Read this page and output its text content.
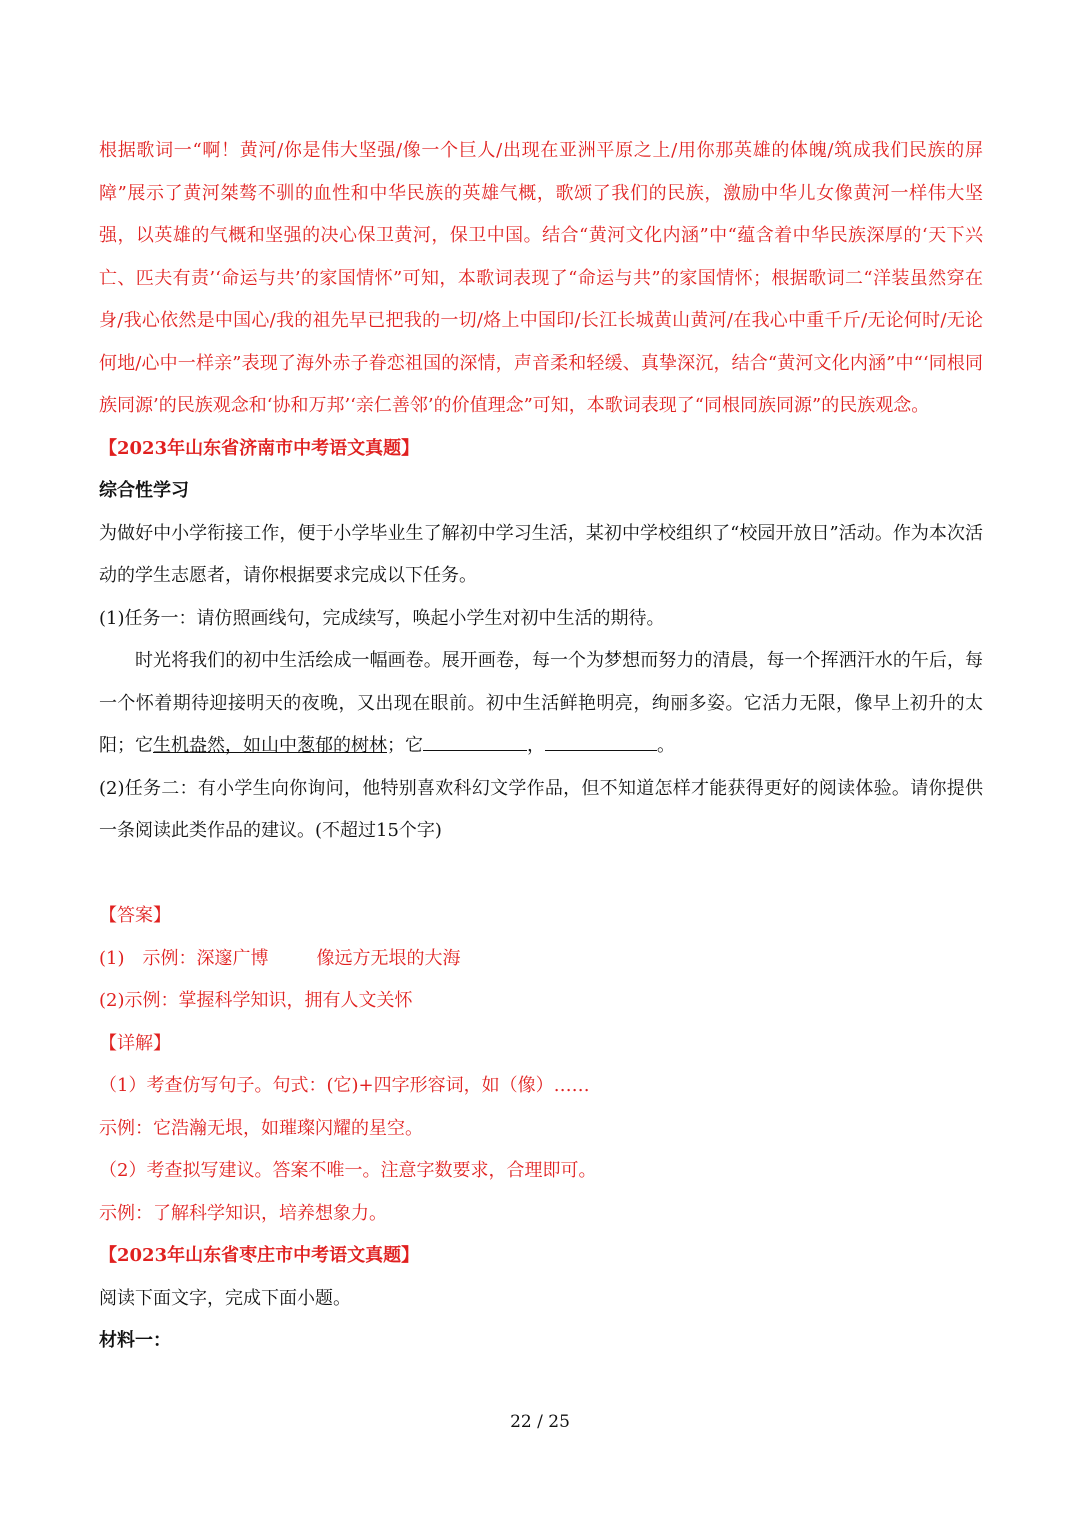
根据歌词一“啊！黄河/你是伟大坚强/像一个巨人/出现在亚洲平原之上/用你那英雄的体魄/筑成我们民族的屏障”展示了黄河桀骜不驯的血性和中华民族的英雄气概，歌颂了我们的民族，激励中华儿女像黄河一样伟大坚强，以英雄的气概和坚强的决心保卫黄河，保卫中国。结合“黄河文化内涵”中“蕴含着中华民族深厚的‘天下兴亡、匹夫有责’‘命运与共’的家国情怀”可知，本歌词表现了“命运与共”的家国情怀；根据歌词二“洋装虽然穿在身/我心依然是中国心/我的祖先早已把我的一切/烙上中国印/长江长城黄山黄河/在我心中重千斤/无论何时/无论何地/心中一样亲”表现了海外赤子眷恋祖国的深情，声音柔和轻缓、真挚深沉，结合“黄河文化内涵”中“‘同根同族同源’的民族观念和‘协和万邦’‘亲仁善邻’的价值理念”可知，本歌词表现了“同根同族同源”的民族观念。

【2023年山东省济南市中考语文真题】

综合性学习

为做好中小学衔接工作，便于小学毕业生了解初中学习生活，某初中学校组织了“校园开放日”活动。作为本次活动的学生志愿者，请你根据要求完成以下任务。

(1)任务一：请仿照画线句，完成续写，唤起小学生对初中生活的期待。

时光将我们的初中生活绘成一幅画卷。展开画卷，每一个为梦想而努力的清晨，每一个挥洒汗水的午后，每一个怀着期待迎接明天的夜晚，又出现在眼前。初中生活鲜艳明亮，绚丽多姿。它活力无限，像早上初升的太阳；它生机盎然，如山中葱郁的树林；它	，	。

(2)任务二：有小学生向你询问，他特别喜欢科幻文学作品，但不知道怎样才能获得更好的阅读体验。请你提供一条阅读此类作品的建议。(不超过15个字)

【答案】

(1)　示例：深邃广博	像远方无垠的大海

(2)示例：掌握科学知识，拥有人文关怀

【详解】

（1）考查仿写句子。句式：(它)+四字形容词，如（像）……

示例：它浩瀚无垠，如璀璨闪耀的星空。

（2）考查拟写建议。答案不唯一。注意字数要求，合理即可。

示例：了解科学知识，培养想象力。

【2023年山东省枣庄市中考语文真题】

阅读下面文字，完成下面小题。

材料一：

22 / 25
